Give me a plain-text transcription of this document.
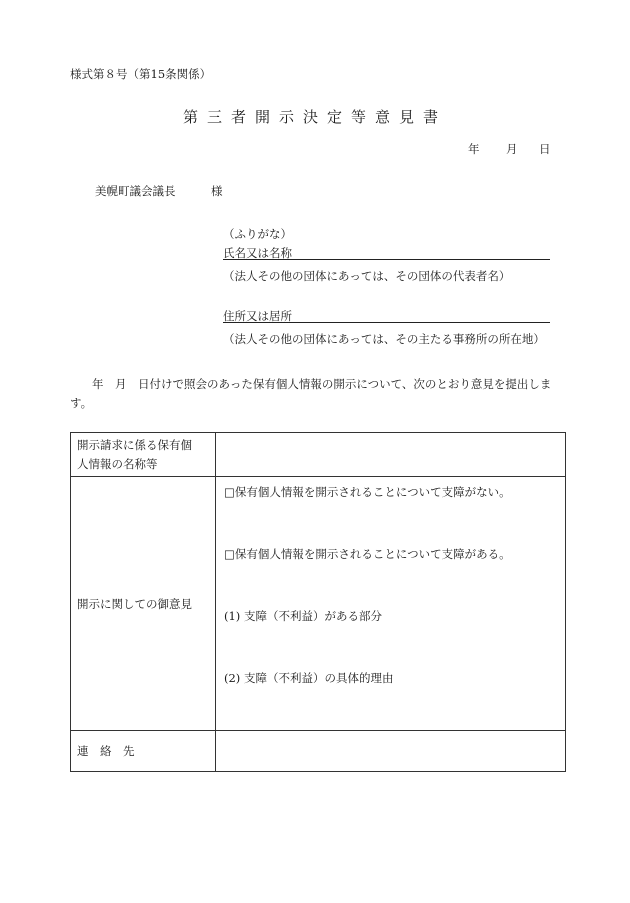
様式第８号（第15条関係）
第三者開示決定等意見書
年 月 日
美幌町議会議長	様
（ふりがな）
氏名又は名称
（法人その他の団体にあっては、その団体の代表者名）
住所又は居所
（法人その他の団体にあっては、その主たる事務所の所在地）
年　月　日付けで照会のあった保有個人情報の開示について、次のとおり意見を提出します。
開示請求に係る保有個
人情報の名称等	

開示に関しての御意見	□保有個人情報を開示されることについて支障がない。
□保有個人情報を開示されることについて支障がある。
(1) 支障（不利益）がある部分
(2) 支障（不利益）の具体的理由

連　絡　先	
